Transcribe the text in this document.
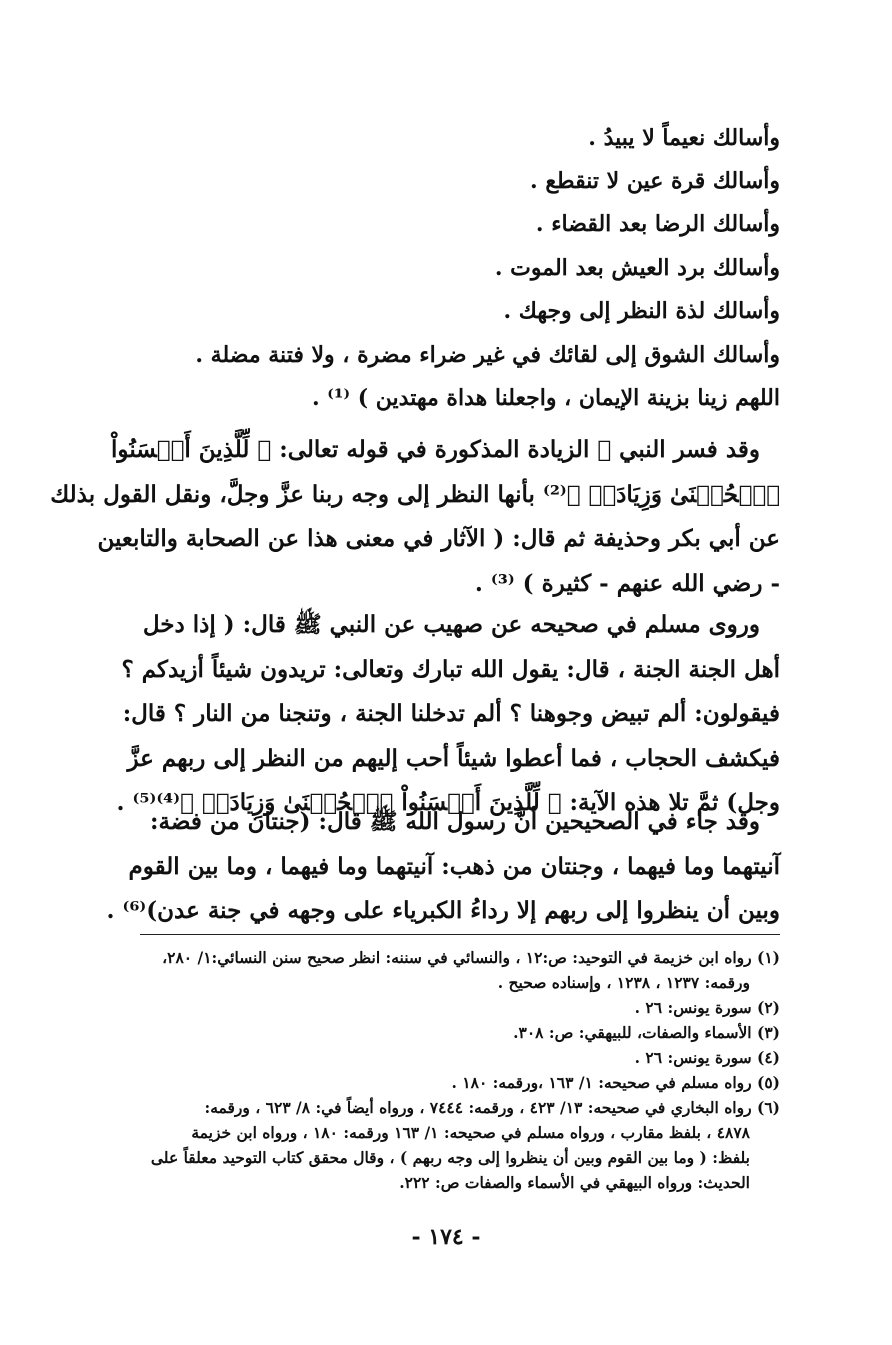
وأسالك نعيماً لا يبيدُ .
وأسالك قرة عين لا تنقطع .
وأسالك الرضا بعد القضاء .
وأسالك برد العيش بعد الموت .
وأسالك لذة النظر إلى وجهك .
وأسالك الشوق إلى لقائك في غير ضراء مضرة ، ولا فتنة مضلة .
اللهم زينا بزينة الإيمان ، واجعلنا هداة مهتدين ) ⁽¹⁾ .
وقد فسر النبي ﷺ الزيادة المذكورة في قوله تعالى: ﴿ لِّلَّذِينَ أَحۡسَنُواْ
ٱلۡحُسۡنَىٰ وَزِيَادَةٞ ﴾⁽²⁾ بأنها النظر إلى وجه ربنا عزَّ وجلَّ، ونقل القول بذلك
عن أبي بكر وحذيفة ثم قال: ( الآثار في معنى هذا عن الصحابة والتابعين
- رضي الله عنهم - كثيرة ) ⁽³⁾ .
وروى مسلم في صحيحه عن صهيب عن النبي ﷺ قال: ( إذا دخل
أهل الجنة الجنة ، قال: يقول الله تبارك وتعالى: تريدون شيئاً أزيدكم ؟
فيقولون: ألم تبيض وجوهنا ؟ ألم تدخلنا الجنة ، وتنجنا من النار ؟ قال:
فيكشف الحجاب ، فما أعطوا شيئاً أحب إليهم من النظر إلى ربهم عزَّ
وجل) ثمَّ تلا هذه الآية: ﴿ لِّلَّذِينَ أَحۡسَنُواْ ٱلۡحُسۡنَىٰ وَزِيَادَةٞ ﴾⁽⁴⁾⁽⁵⁾ .
وقد جاء في الصحيحين أنَّ رسول الله ﷺ قال: (جنتان من فضة:
آنيتهما وما فيهما ، وجنتان من ذهب: آنيتهما وما فيهما ، وما بين القوم
وبين أن ينظروا إلى ربهم إلا رداءُ الكبرياء على وجهه في جنة عدن)⁽⁶⁾ .
(١) رواه ابن خزيمة في التوحيد: ص:١٢ ، والنسائي في سننه: انظر صحيح سنن النسائي:١/ ٢٨٠،
ورقمه: ١٢٣٧ ، ١٢٣٨ ، وإسناده صحيح .
(٢) سورة يونس: ٢٦ .
(٣) الأسماء والصفات، للبيهقي: ص: ٣٠٨.
(٤) سورة يونس: ٢٦ .
(٥) رواه مسلم في صحيحه: ١/ ١٦٣ ،ورقمه: ١٨٠ .
(٦) رواه البخاري في صحيحه: ١٣/ ٤٢٣ ، ورقمه: ٧٤٤٤ ، ورواه أيضاً في: ٨/ ٦٢٣ ، ورقمه:
٤٨٧٨ ، بلفظ مقارب ، ورواه مسلم في صحيحه: ١/ ١٦٣ ورقمه: ١٨٠ ، ورواه ابن خزيمة
بلفظ: ( وما بين القوم وبين أن ينظروا إلى وجه ربهم ) ، وقال محقق كتاب التوحيد معلقاً على
الحديث: ورواه البيهقي في الأسماء والصفات ص: ٢٢٢.
- ١٧٤ -
